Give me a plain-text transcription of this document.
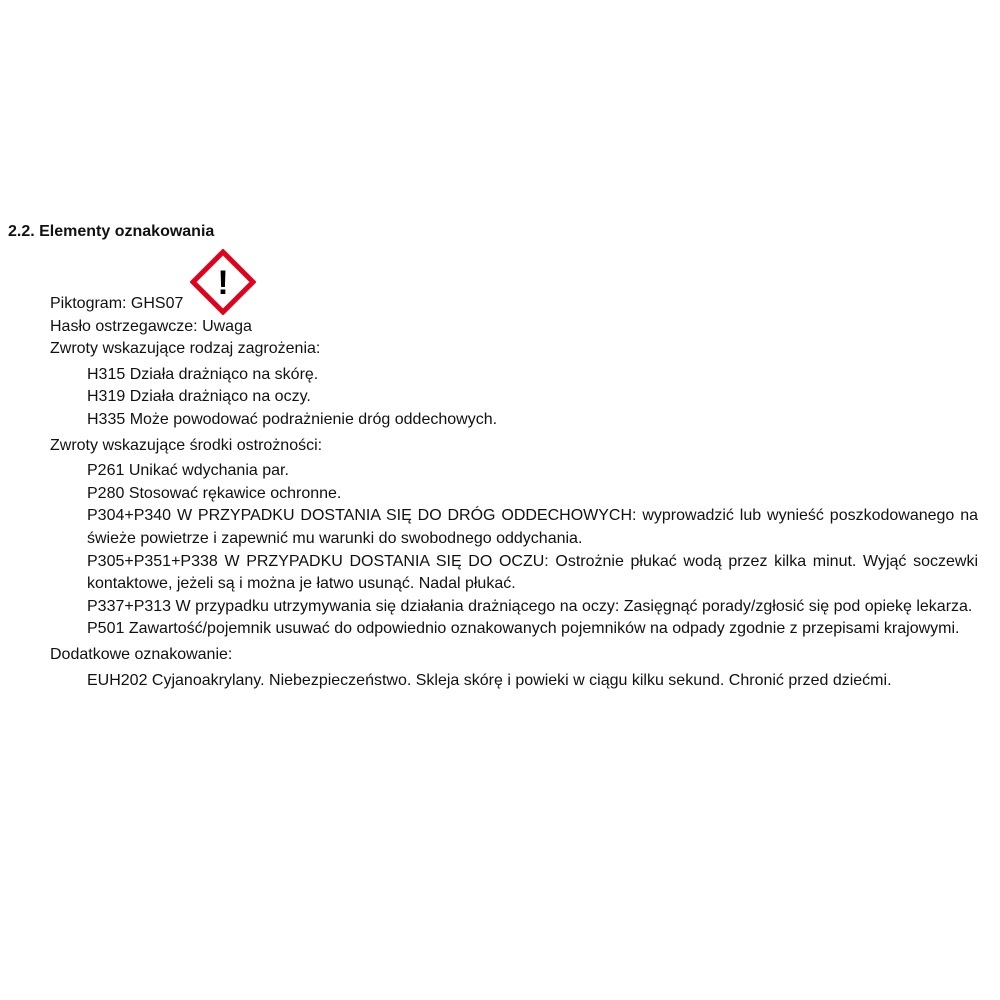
2.2. Elementy oznakowania
!
Piktogram: GHS07
Hasło ostrzegawcze: Uwaga
Zwroty wskazujące rodzaj zagrożenia:
H315 Działa drażniąco na skórę.
H319 Działa drażniąco na oczy.
H335 Może powodować podrażnienie dróg oddechowych.
Zwroty wskazujące środki ostrożności:
P261 Unikać wdychania par.
P280 Stosować rękawice ochronne.
P304+P340 W PRZYPADKU DOSTANIA SIĘ DO DRÓG ODDECHOWYCH: wyprowadzić lub wynieść poszkodowanego na świeże powietrze i zapewnić mu warunki do swobodnego oddychania.
P305+P351+P338 W PRZYPADKU DOSTANIA SIĘ DO OCZU: Ostrożnie płukać wodą przez kilka minut. Wyjąć soczewki kontaktowe, jeżeli są i można je łatwo usunąć. Nadal płukać.
P337+P313 W przypadku utrzymywania się działania drażniącego na oczy: Zasięgnąć porady/zgłosić się pod opiekę lekarza.
P501 Zawartość/pojemnik usuwać do odpowiednio oznakowanych pojemników na odpady zgodnie z przepisami krajowymi.
Dodatkowe oznakowanie:
EUH202 Cyjanoakrylany. Niebezpieczeństwo. Skleja skórę i powieki w ciągu kilku sekund. Chronić przed dziećmi.
